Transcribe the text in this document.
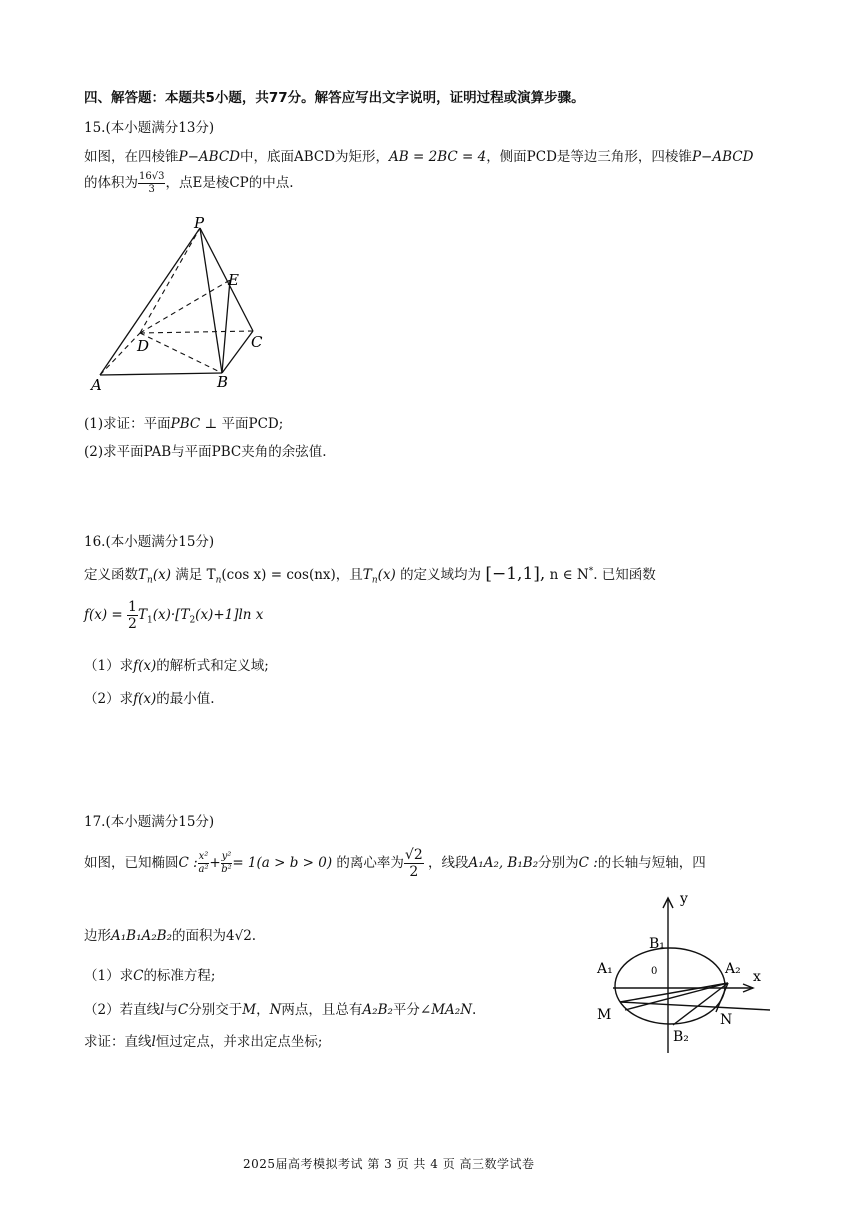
四、解答题：本题共5小题，共77分。解答应写出文字说明，证明过程或演算步骤。
15.(本小题满分13分)
如图，在四棱锥P−ABCD中，底面ABCD为矩形，AB = 2BC = 4，侧面PCD是等边三角形，四棱锥P−ABCD
的体积为 $\frac{16√3}{3}$ ，点E是棱CP的中点.
P
E
D	C
A	B
(1)求证：平面PBC ⊥ 平面PCD;
(2)求平面PAB与平面PBC夹角的余弦值.
16.(本小题满分15分)
定义函数$T_n(x)$ 满足 $T_n(\cos$ x) = cos(nx)，且$T_n(x)$ 的定义域均为 [−1,1], n ∈ N*. 已知函数
$f(x) = \frac{1}{2} T_1(x)\cdot[T_2(x)+1]\ln$ x
（1）求f(x)的解析式和定义域;
（2）求f(x)的最小值.
17.(本小题满分15分)
如图，已知椭圆C : $\frac{\text{x²}}{\text{a²}} + \frac{\text{y²}}{\text{b²}} = 1(a > b > 0)$ 的离心率为 $\frac{√2}{2}$ ，线段A₁A₂, B₁B₂分别为C :的长轴与短轴，四
边形A₁B₁A₂B₂的面积为4√2.
（1）求C的标准方程;
（2）若直线l与C分别交于M，N两点，且总有A₂B₂平分∠MA₂N.
求证：直线l恒过定点，并求出定点坐标;
y
x
B₁
A₁	0	A₂
M	N
B₂
2025届高考模拟考试 第 3 页 共 4 页 高三数学试卷
